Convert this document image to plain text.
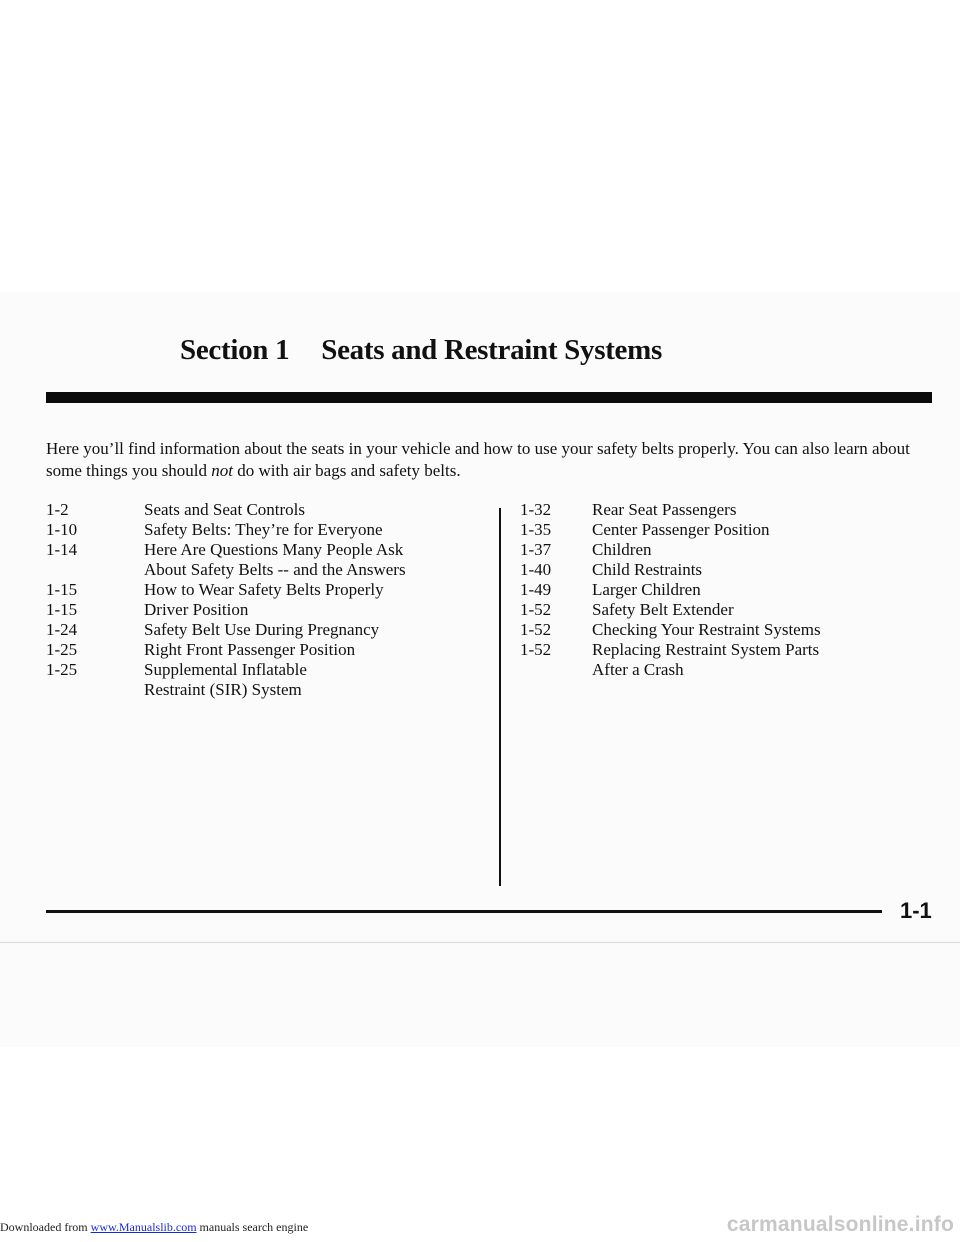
Section 1 Seats and Restraint Systems
Here you’ll find information about the seats in your vehicle and how to use your safety belts properly. You can also learn about some things you should not do with air bags and safety belts.
1-2	Seats and Seat Controls
1-10	Safety Belts: They’re for Everyone
1-14	Here Are Questions Many People Ask
About Safety Belts -- and the Answers
1-15	How to Wear Safety Belts Properly
1-15	Driver Position
1-24	Safety Belt Use During Pregnancy
1-25	Right Front Passenger Position
1-25	Supplemental Inflatable
Restraint (SIR) System
1-32	Rear Seat Passengers
1-35	Center Passenger Position
1-37	Children
1-40	Child Restraints
1-49	Larger Children
1-52	Safety Belt Extender
1-52	Checking Your Restraint Systems
1-52	Replacing Restraint System Parts
After a Crash
1-1
Downloaded from www.Manualslib.com manuals search engine	carmanualsonline.info
